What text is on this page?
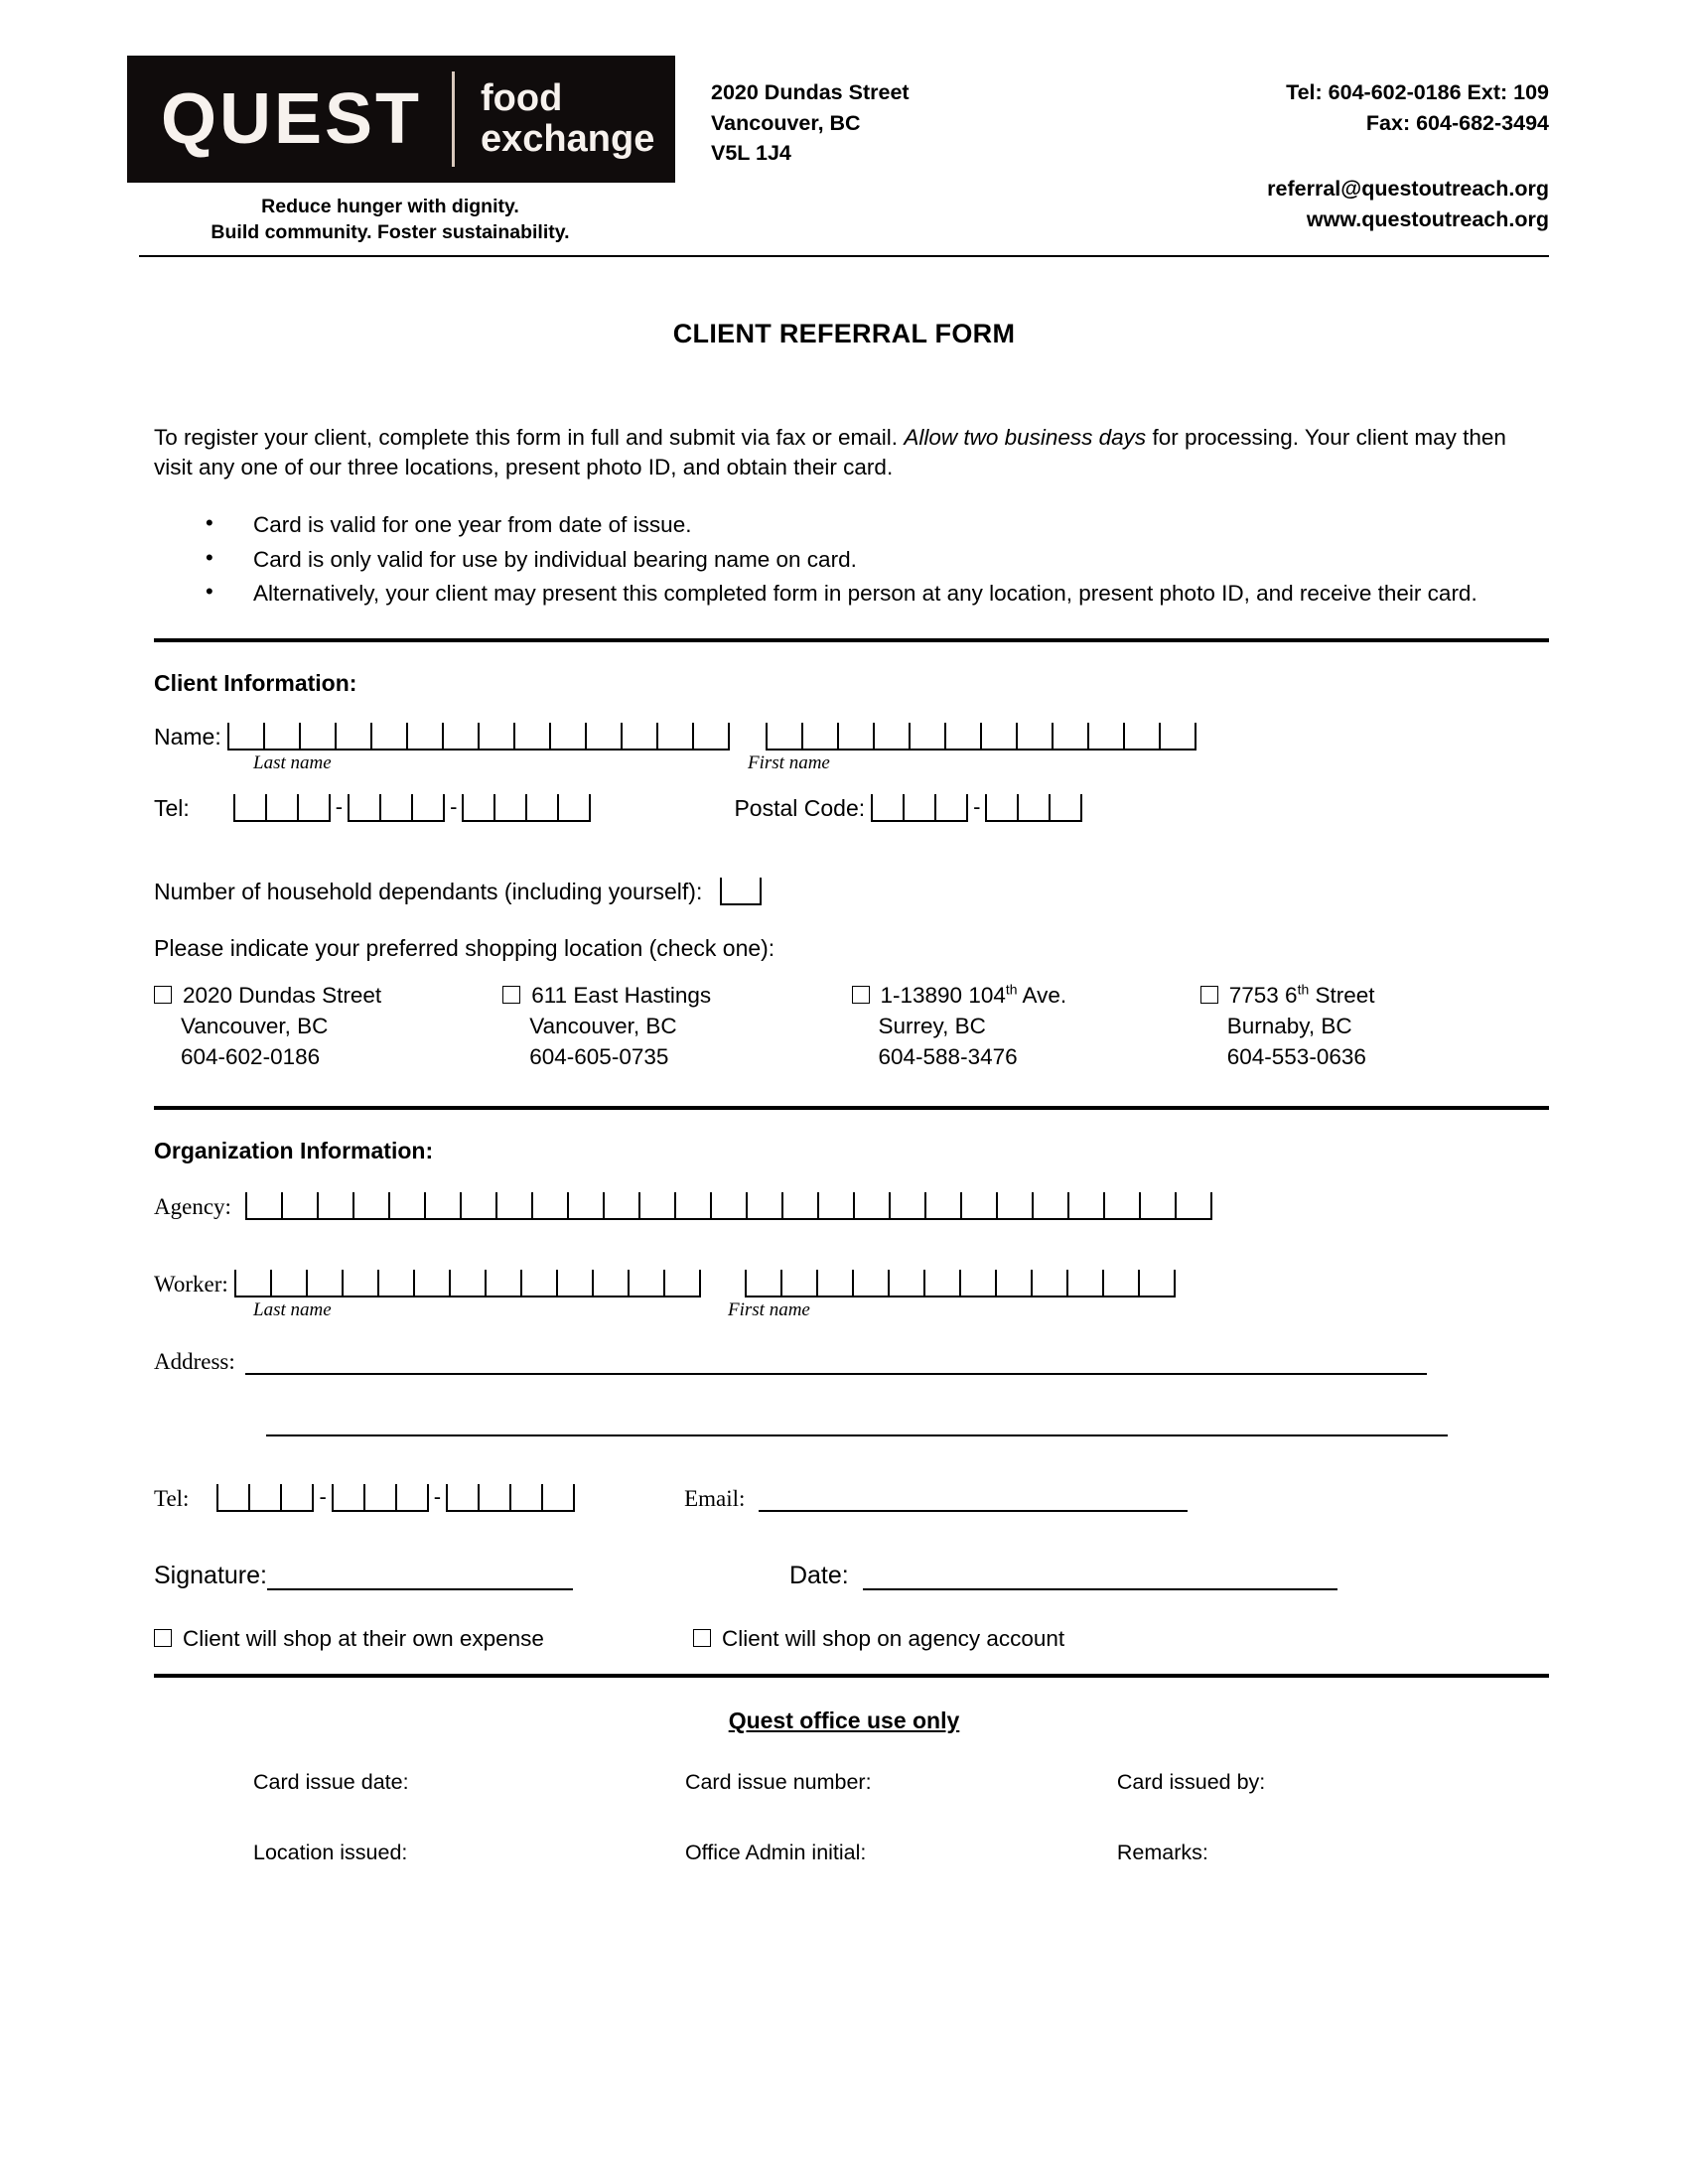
QUEST food
exchange
Reduce hunger with dignity.
Build community. Foster sustainability.
2020 Dundas Street
Vancouver, BC
V5L 1J4
Tel: 604-602-0186 Ext: 109
Fax: 604-682-3494
referral@questoutreach.org
www.questoutreach.org
CLIENT REFERRAL FORM

To register your client, complete this form in full and submit via fax or email. Allow two business days for processing. Your client may then visit any one of our three locations, present photo ID, and obtain their card.

• Card is valid for one year from date of issue.
• Card is only valid for use by individual bearing name on card.
• Alternatively, your client may present this completed form in person at any location, present photo ID, and receive their card.
Client Information:
Name:
Last name	First name
Tel:	-	-	Postal Code:	-
Number of household dependants (including yourself):
Please indicate your preferred shopping location (check one):
2020 Dundas Street
Vancouver, BC
604-602-0186
611 East Hastings
Vancouver, BC
604-605-0735
1-13890 104th Ave.
Surrey, BC
604-588-3476
7753 6th Street
Burnaby, BC
604-553-0636
Organization Information:
Agency:
Worker:
Last name	First name
Address:
Tel:	-	-	Email:
Signature:	Date:
Client will shop at their own expense	Client will shop on agency account
Quest office use only
Card issue date:	Card issue number:	Card issued by:
Location issued:	Office Admin initial:	Remarks:
